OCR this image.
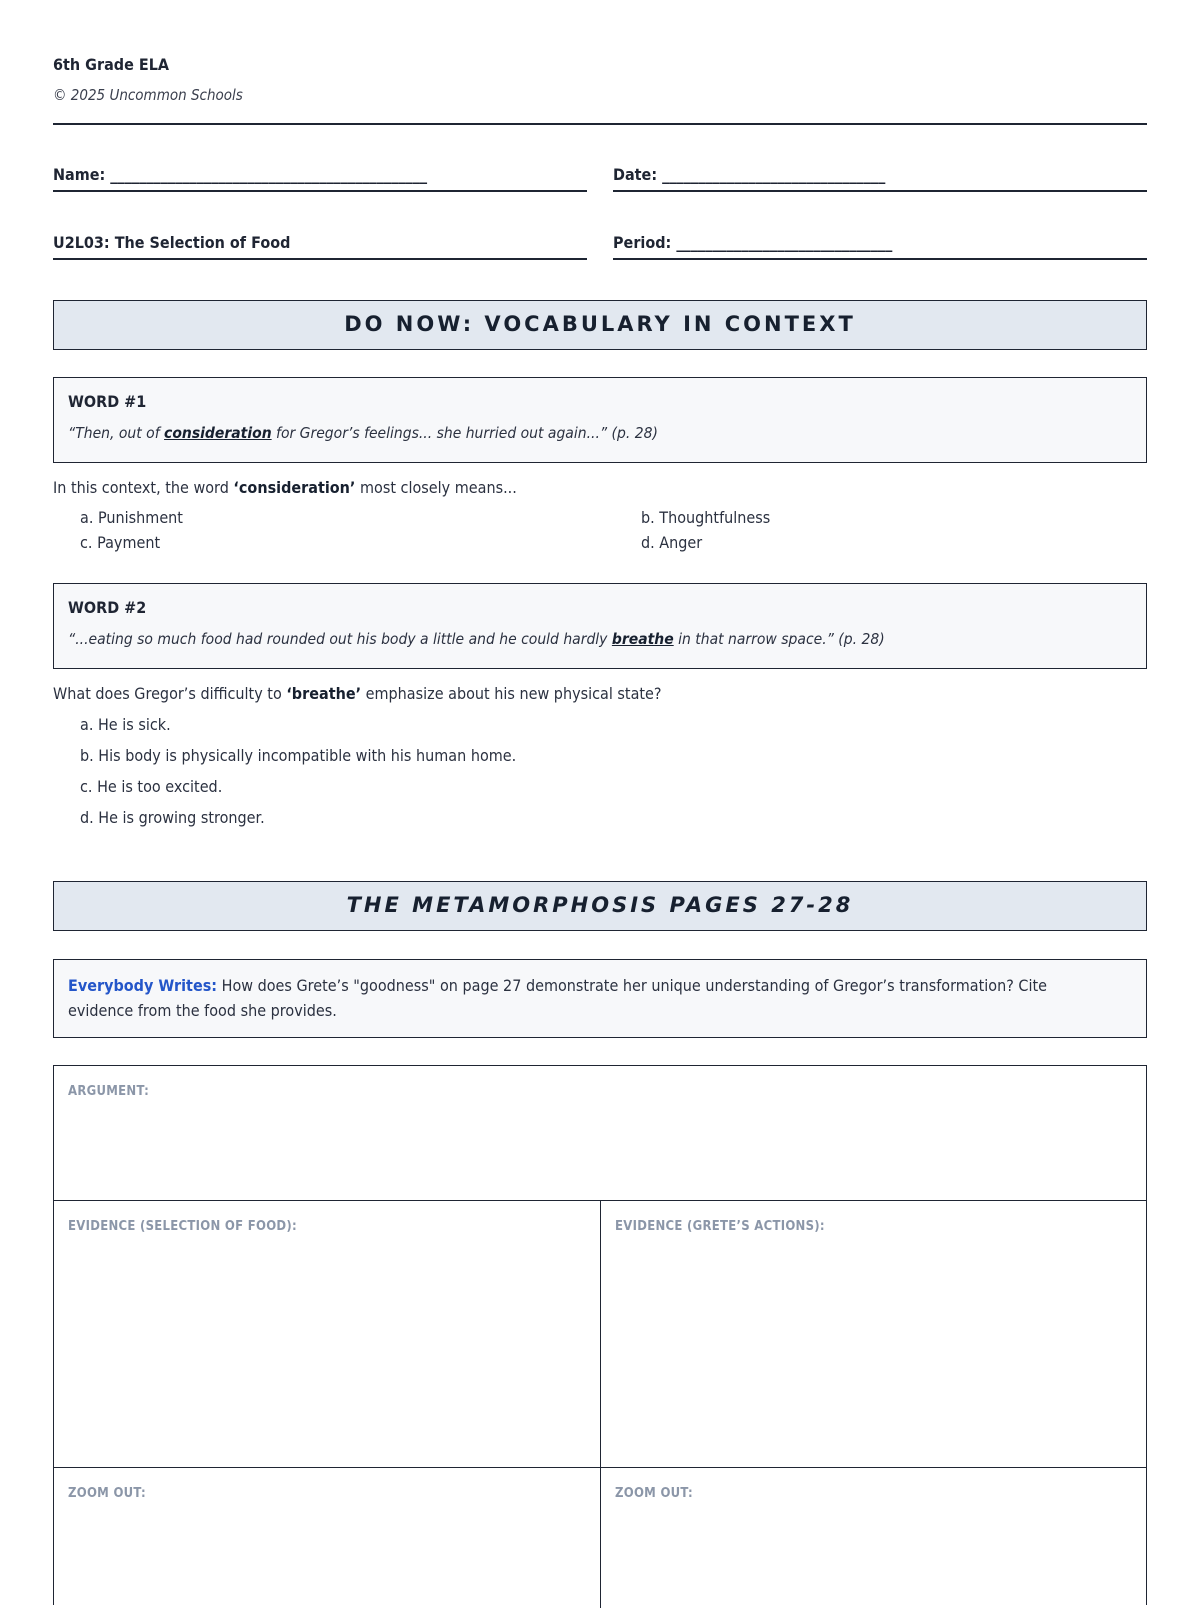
6th Grade ELA
© 2025 Uncommon Schools
Name: ____________________________________________	Date: _______________________________
U2L03: The Selection of Food	Period: ______________________________
DO NOW: VOCABULARY IN CONTEXT
WORD #1
“Then, out of consideration for Gregor’s feelings... she hurried out again...” (p. 28)
In this context, the word ‘consideration’ most closely means...
a. Punishment	b. Thoughtfulness
c. Payment	d. Anger
WORD #2
“...eating so much food had rounded out his body a little and he could hardly breathe in that narrow space.” (p. 28)
What does Gregor’s difficulty to ‘breathe’ emphasize about his new physical state?
a. He is sick.
b. His body is physically incompatible with his human home.
c. He is too excited.
d. He is growing stronger.
THE METAMORPHOSIS PAGES 27-28
Everybody Writes: How does Grete’s "goodness" on page 27 demonstrate her unique understanding of Gregor’s transformation? Cite evidence from the food she provides.
ARGUMENT:
EVIDENCE (SELECTION OF FOOD):	EVIDENCE (GRETE’S ACTIONS):
ZOOM OUT:	ZOOM OUT:
